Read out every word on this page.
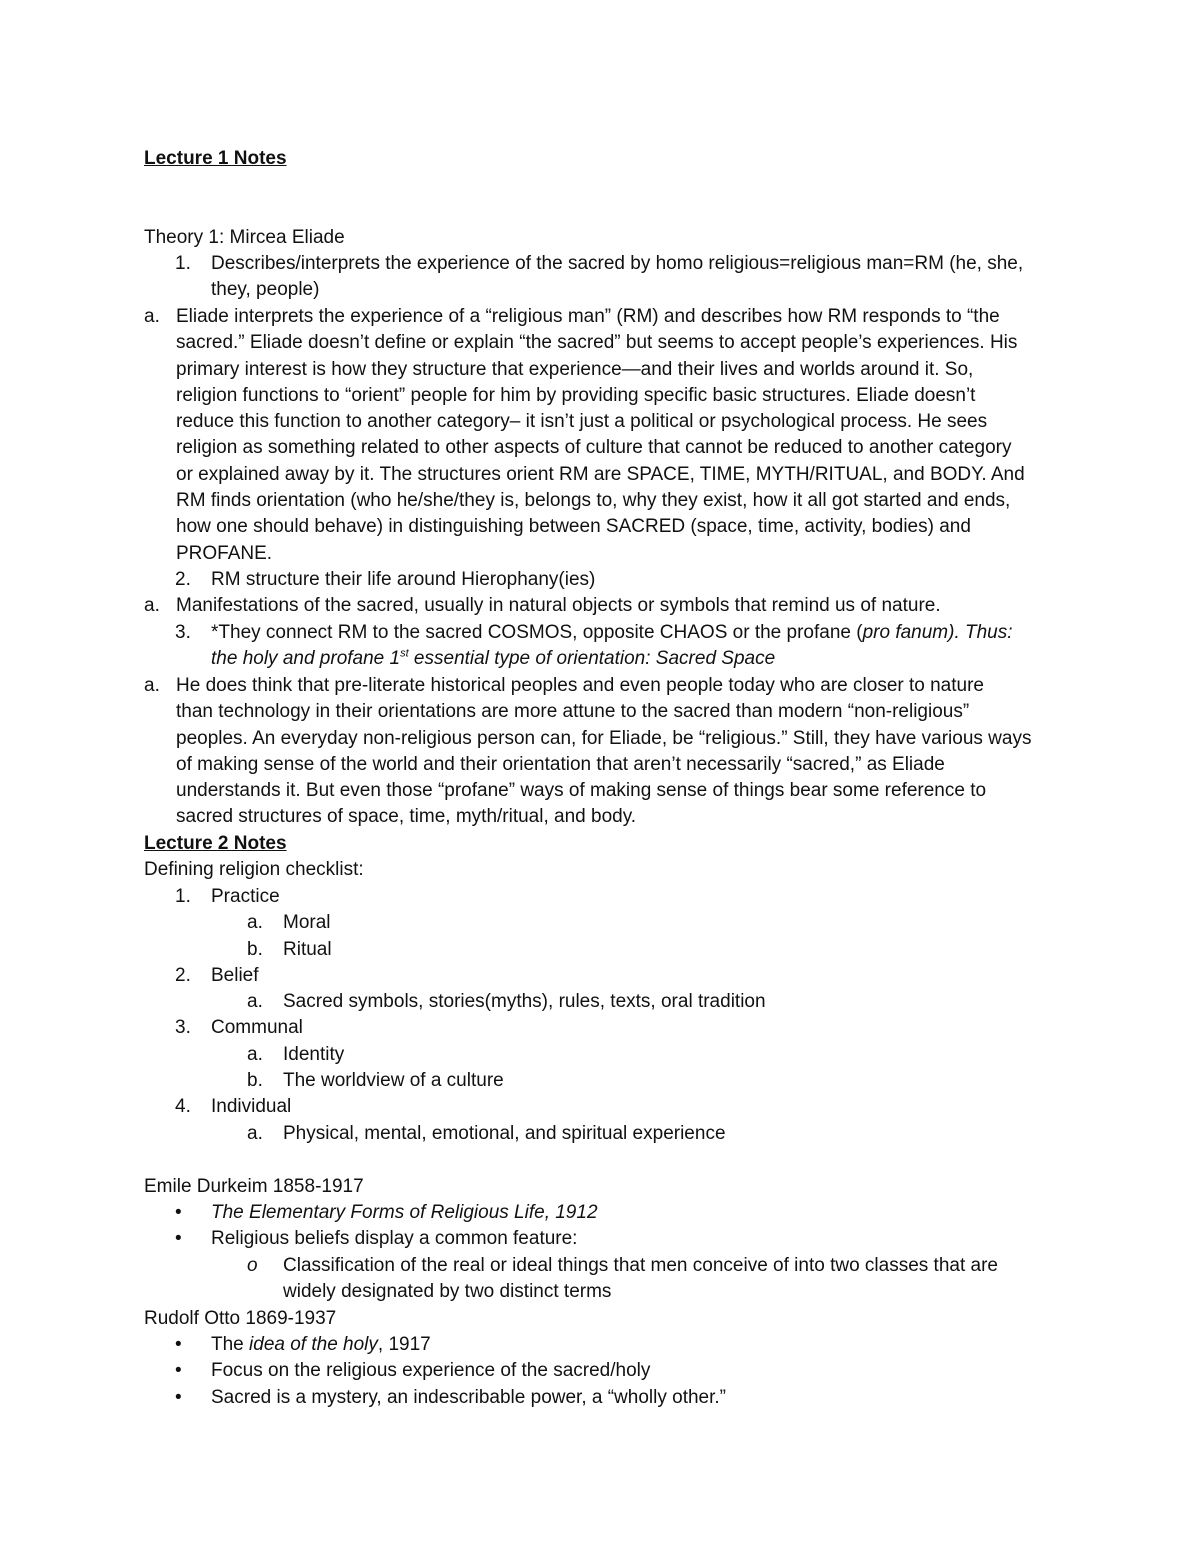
Lecture 1 Notes
Theory 1: Mircea Eliade
1. Describes/interprets the experience of the sacred by homo religious=religious man=RM (he, she,
they, people)
a. Eliade interprets the experience of a “religious man” (RM) and describes how RM responds to “the
sacred.” Eliade doesn’t define or explain “the sacred” but seems to accept people’s experiences. His
primary interest is how they structure that experience—and their lives and worlds around it. So,
religion functions to “orient” people for him by providing specific basic structures. Eliade doesn’t
reduce this function to another category– it isn’t just a political or psychological process. He sees
religion as something related to other aspects of culture that cannot be reduced to another category
or explained away by it. The structures orient RM are SPACE, TIME, MYTH/RITUAL, and BODY. And
RM finds orientation (who he/she/they is, belongs to, why they exist, how it all got started and ends,
how one should behave) in distinguishing between SACRED (space, time, activity, bodies) and
PROFANE.
2. RM structure their life around Hierophany(ies)
a. Manifestations of the sacred, usually in natural objects or symbols that remind us of nature.
3. *They connect RM to the sacred COSMOS, opposite CHAOS or the profane (pro fanum). Thus:
the holy and profane 1st essential type of orientation: Sacred Space
a. He does think that pre-literate historical peoples and even people today who are closer to nature
than technology in their orientations are more attune to the sacred than modern “non-religious”
peoples. An everyday non-religious person can, for Eliade, be “religious.” Still, they have various ways
of making sense of the world and their orientation that aren’t necessarily “sacred,” as Eliade
understands it. But even those “profane” ways of making sense of things bear some reference to
sacred structures of space, time, myth/ritual, and body.
Lecture 2 Notes
Defining religion checklist:
1. Practice
a. Moral
b. Ritual
2. Belief
a. Sacred symbols, stories(myths), rules, texts, oral tradition
3. Communal
a. Identity
b. The worldview of a culture
4. Individual
a. Physical, mental, emotional, and spiritual experience
Emile Durkeim 1858-1917
• The Elementary Forms of Religious Life, 1912
• Religious beliefs display a common feature:
o Classification of the real or ideal things that men conceive of into two classes that are
widely designated by two distinct terms
Rudolf Otto 1869-1937
• The idea of the holy, 1917
• Focus on the religious experience of the sacred/holy
• Sacred is a mystery, an indescribable power, a “wholly other.”
